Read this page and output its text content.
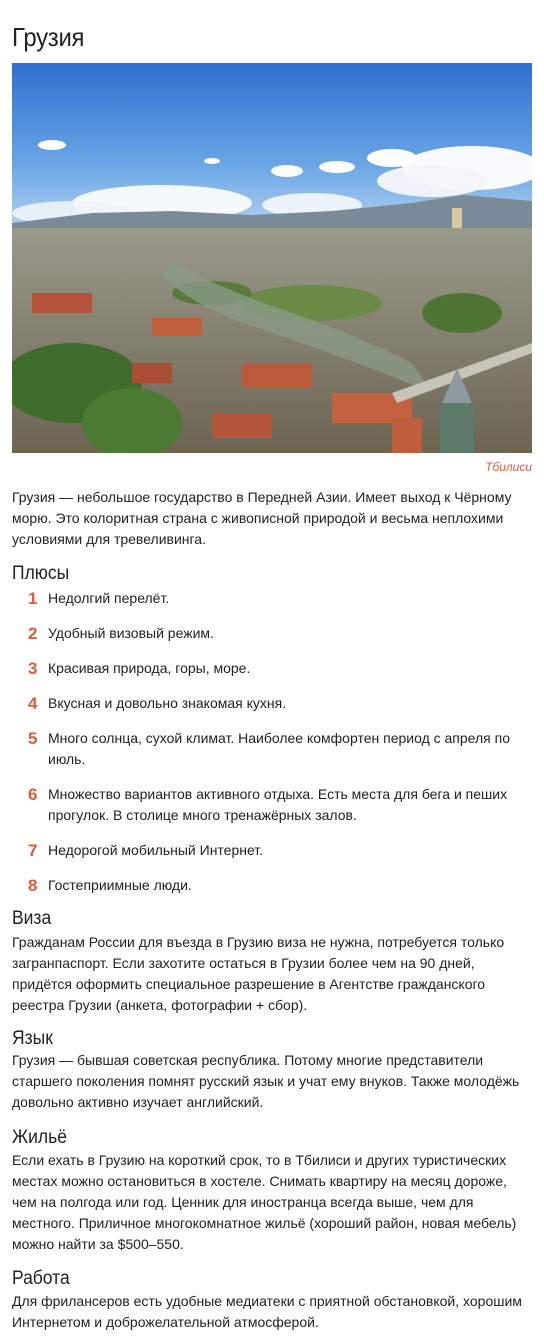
Грузия
Тбилиси

Грузия — небольшое государство в Передней Азии. Имеет выход к Чёрному морю. Это колоритная страна с живописной природой и весьма неплохими условиями для тревеливинга.

Плюсы
1 Недолгий перелёт.
2 Удобный визовый режим.
3 Красивая природа, горы, море.
4 Вкусная и довольно знакомая кухня.
5 Много солнца, сухой климат. Наиболее комфортен период с апреля по июль.
6 Множество вариантов активного отдыха. Есть места для бега и пеших прогулок. В столице много тренажёрных залов.
7 Недорогой мобильный Интернет.
8 Гостеприимные люди.
Виза

Гражданам России для въезда в Грузию виза не нужна, потребуется только загранпаспорт. Если захотите остаться в Грузии более чем на 90 дней, придётся оформить специальное разрешение в Агентстве гражданского реестра Грузии (анкета, фотографии + сбор).

Язык

Грузия — бывшая советская республика. Потому многие представители старшего поколения помнят русский язык и учат ему внуков. Также молодёжь довольно активно изучает английский.

Жильё

Если ехать в Грузию на короткий срок, то в Тбилиси и других туристических местах можно остановиться в хостеле. Снимать квартиру на месяц дороже, чем на полгода или год. Ценник для иностранца всегда выше, чем для местного. Приличное многокомнатное жильё (хороший район, новая мебель) можно найти за $500–550.

Работа

Для фрилансеров есть удобные медиатеки с приятной обстановкой, хорошим Интернетом и доброжелательной атмосферой.
